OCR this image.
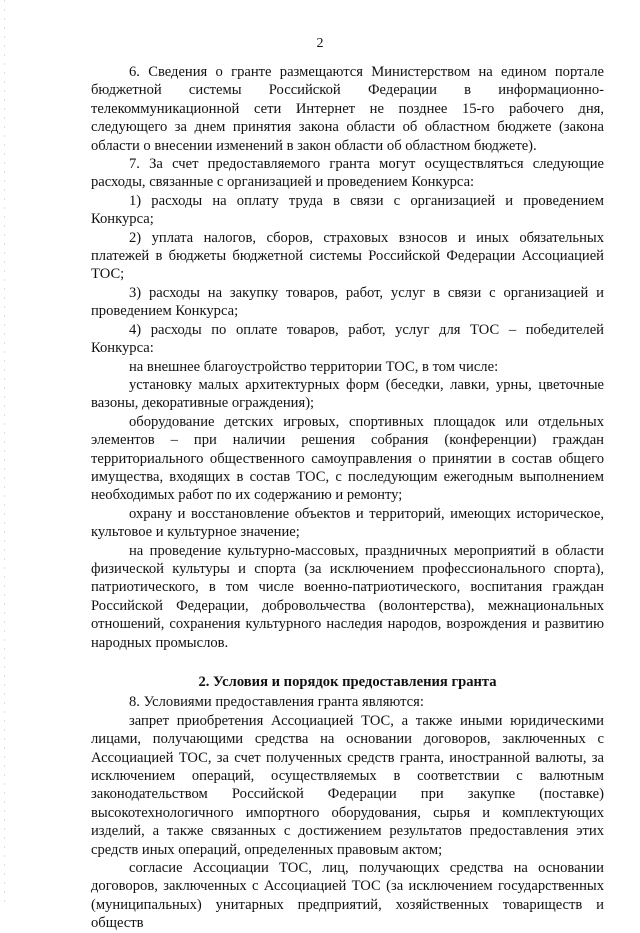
2

6. Сведения о гранте размещаются Министерством на едином портале бюджетной системы Российской Федерации в информационно-телекоммуникационной сети Интернет не позднее 15-го рабочего дня, следующего за днем принятия закона области об областном бюджете (закона области о внесении изменений в закон области об областном бюджете).

7. За счет предоставляемого гранта могут осуществляться следующие расходы, связанные с организацией и проведением Конкурса:

1) расходы на оплату труда в связи с организацией и проведением Конкурса;

2) уплата налогов, сборов, страховых взносов и иных обязательных платежей в бюджеты бюджетной системы Российской Федерации Ассоциацией ТОС;

3) расходы на закупку товаров, работ, услуг в связи с организацией и проведением Конкурса;

4) расходы по оплате товаров, работ, услуг для ТОС – победителей Конкурса:

на внешнее благоустройство территории ТОС, в том числе:

установку малых архитектурных форм (беседки, лавки, урны, цветочные вазоны, декоративные ограждения);

оборудование детских игровых, спортивных площадок или отдельных элементов – при наличии решения собрания (конференции) граждан территориального общественного самоуправления о принятии в состав общего имущества, входящих в состав ТОС, с последующим ежегодным выполнением необходимых работ по их содержанию и ремонту;

охрану и восстановление объектов и территорий, имеющих историческое, культовое и культурное значение;

на проведение культурно-массовых, праздничных мероприятий в области физической культуры и спорта (за исключением профессионального спорта), патриотического, в том числе военно-патриотического, воспитания граждан Российской Федерации, добровольчества (волонтерства), межнациональных отношений, сохранения культурного наследия народов, возрождения и развитию народных промыслов.

2. Условия и порядок предоставления гранта

8. Условиями предоставления гранта являются:

запрет приобретения Ассоциацией ТОС, а также иными юридическими лицами, получающими средства на основании договоров, заключенных с Ассоциацией ТОС, за счет полученных средств гранта, иностранной валюты, за исключением операций, осуществляемых в соответствии с валютным законодательством Российской Федерации при закупке (поставке) высокотехнологичного импортного оборудования, сырья и комплектующих изделий, а также связанных с достижением результатов предоставления этих средств иных операций, определенных правовым актом;

согласие Ассоциации ТОС, лиц, получающих средства на основании договоров, заключенных с Ассоциацией ТОС (за исключением государственных (муниципальных) унитарных предприятий, хозяйственных товариществ и обществ
